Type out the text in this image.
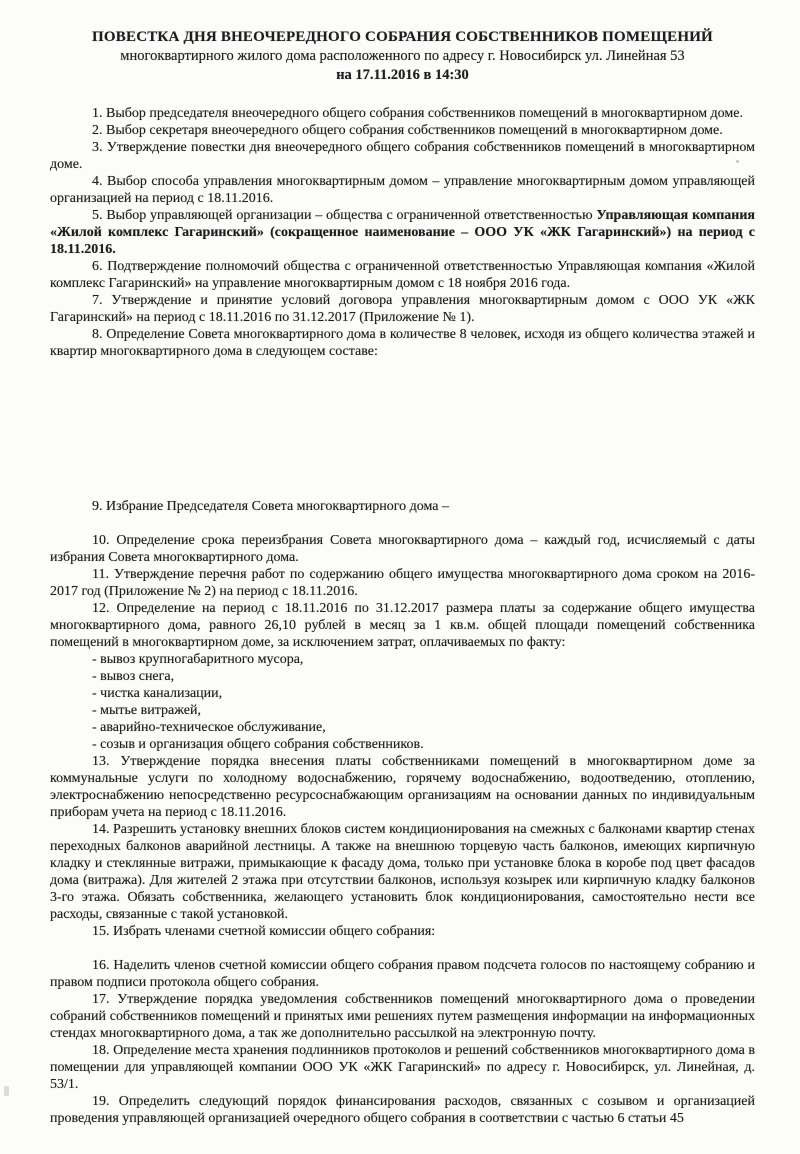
ПОВЕСТКА ДНЯ ВНЕОЧЕРЕДНОГО СОБРАНИЯ СОБСТВЕННИКОВ ПОМЕЩЕНИЙ
многоквартирного жилого дома расположенного по адресу г. Новосибирск ул. Линейная 53
на 17.11.2016 в 14:30

1. Выбор председателя внеочередного общего собрания собственников помещений в многоквартирном доме.

2. Выбор секретаря внеочередного общего собрания собственников помещений в многоквартирном доме.

3. Утверждение повестки дня внеочередного общего собрания собственников помещений в многоквартирном доме.

4. Выбор способа управления многоквартирным домом – управление многоквартирным домом управляющей организацией на период с 18.11.2016.

5. Выбор управляющей организации – общества с ограниченной ответственностью Управляющая компания «Жилой комплекс Гагаринский» (сокращенное наименование – ООО УК «ЖК Гагаринский») на период с 18.11.2016.

6. Подтверждение полномочий общества с ограниченной ответственностью Управляющая компания «Жилой комплекс Гагаринский» на управление многоквартирным домом с 18 ноября 2016 года.

7. Утверждение и принятие условий договора управления многоквартирным домом с ООО УК «ЖК Гагаринский» на период с 18.11.2016 по 31.12.2017 (Приложение № 1).

8. Определение Совета многоквартирного дома в количестве 8 человек, исходя из общего количества этажей и квартир многоквартирного дома в следующем составе:

9. Избрание Председателя Совета многоквартирного дома –

10. Определение срока переизбрания Совета многоквартирного дома – каждый год, исчисляемый с даты избрания Совета многоквартирного дома.

11. Утверждение перечня работ по содержанию общего имущества многоквартирного дома сроком на 2016-2017 год (Приложение № 2) на период с 18.11.2016.

12. Определение на период с 18.11.2016 по 31.12.2017 размера платы за содержание общего имущества многоквартирного дома, равного 26,10 рублей в месяц за 1 кв.м. общей площади помещений собственника помещений в многоквартирном доме, за исключением затрат, оплачиваемых по факту:

- вывоз крупногабаритного мусора,
- вывоз снега,
- чистка канализации,
- мытье витражей,
- аварийно-техническое обслуживание,
- созыв и организация общего собрания собственников.

13. Утверждение порядка внесения платы собственниками помещений в многоквартирном доме за коммунальные услуги по холодному водоснабжению, горячему водоснабжению, водоотведению, отоплению, электроснабжению непосредственно ресурсоснабжающим организациям на основании данных по индивидуальным приборам учета на период с 18.11.2016.

14. Разрешить установку внешних блоков систем кондиционирования на смежных с балконами квартир стенах переходных балконов аварийной лестницы. А также на внешнюю торцевую часть балконов, имеющих кирпичную кладку и стеклянные витражи, примыкающие к фасаду дома, только при установке блока в коробе под цвет фасадов дома (витража). Для жителей 2 этажа при отсутствии балконов, используя козырек или кирпичную кладку балконов 3-го этажа. Обязать собственника, желающего установить блок кондиционирования, самостоятельно нести все расходы, связанные с такой установкой.

15. Избрать членами счетной комиссии общего собрания:

16. Наделить членов счетной комиссии общего собрания правом подсчета голосов по настоящему собранию и правом подписи протокола общего собрания.

17. Утверждение порядка уведомления собственников помещений многоквартирного дома о проведении собраний собственников помещений и принятых ими решениях путем размещения информации на информационных стендах многоквартирного дома, а так же дополнительно рассылкой на электронную почту.

18. Определение места хранения подлинников протоколов и решений собственников многоквартирного дома в помещении для управляющей компании ООО УК «ЖК Гагаринский» по адресу г. Новосибирск, ул. Линейная, д. 53/1.

19. Определить следующий порядок финансирования расходов, связанных с созывом и организацией проведения управляющей организацией очередного общего собрания в соответствии с частью 6 статьи 45
